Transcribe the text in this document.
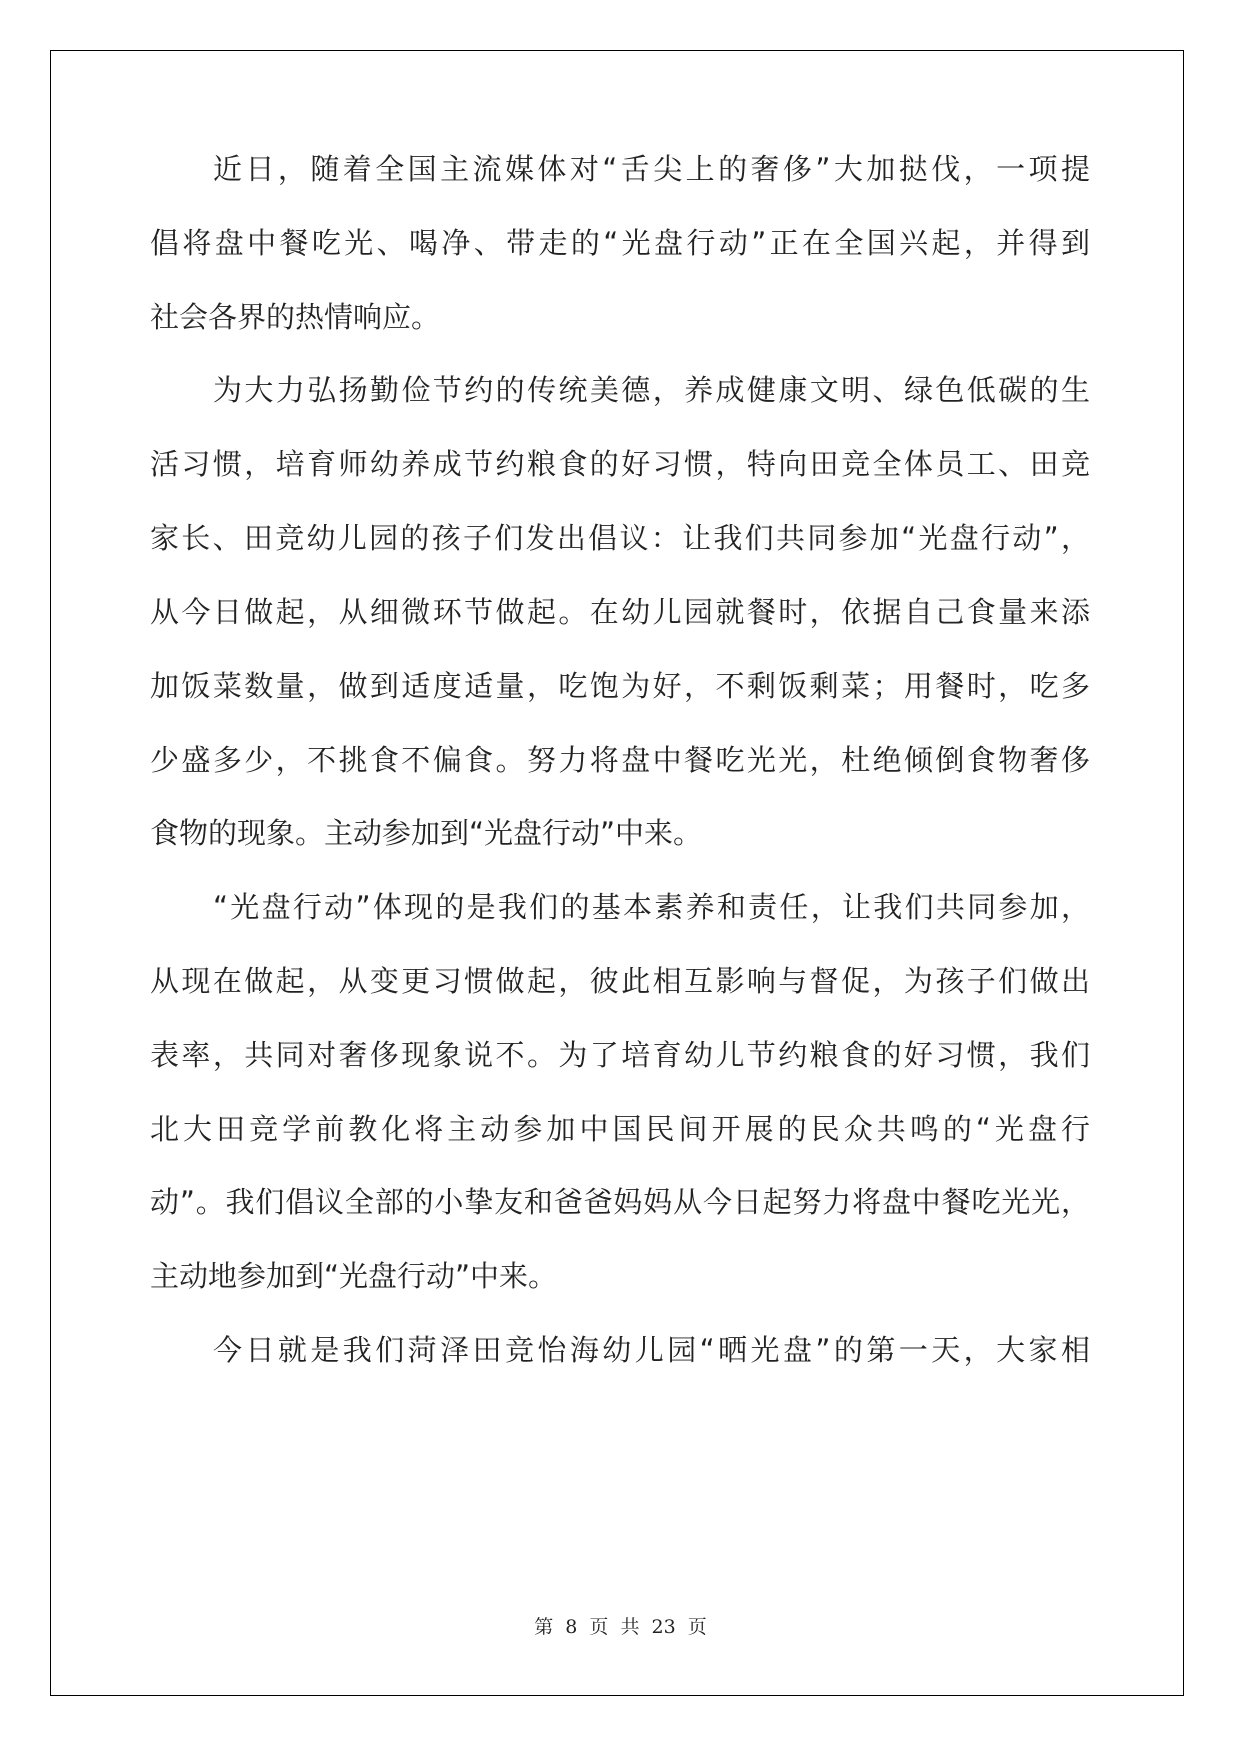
近日，随着全国主流媒体对“舌尖上的奢侈”大加挞伐，一项提
倡将盘中餐吃光、喝净、带走的“光盘行动”正在全国兴起，并得到
社会各界的热情响应。
为大力弘扬勤俭节约的传统美德，养成健康文明、绿色低碳的生
活习惯，培育师幼养成节约粮食的好习惯，特向田竞全体员工、田竞
家长、田竞幼儿园的孩子们发出倡议：让我们共同参加“光盘行动”，
从今日做起，从细微环节做起。在幼儿园就餐时，依据自己食量来添
加饭菜数量，做到适度适量，吃饱为好，不剩饭剩菜；用餐时，吃多
少盛多少，不挑食不偏食。努力将盘中餐吃光光，杜绝倾倒食物奢侈
食物的现象。主动参加到“光盘行动”中来。
“光盘行动”体现的是我们的基本素养和责任，让我们共同参加，
从现在做起，从变更习惯做起，彼此相互影响与督促，为孩子们做出
表率，共同对奢侈现象说不。为了培育幼儿节约粮食的好习惯，我们
北大田竞学前教化将主动参加中国民间开展的民众共鸣的“光盘行
动”。我们倡议全部的小挚友和爸爸妈妈从今日起努力将盘中餐吃光光，
主动地参加到“光盘行动”中来。
今日就是我们菏泽田竞怡海幼儿园“晒光盘”的第一天，大家相
第 8 页 共 23 页
